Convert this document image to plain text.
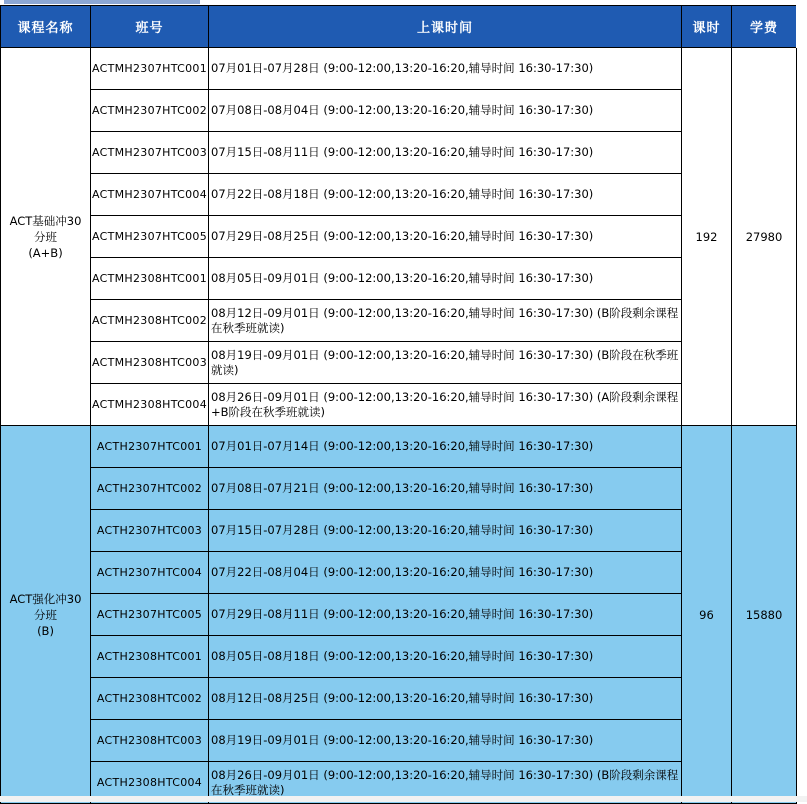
课程名称	班号	上课时间	课时	学费

ACT基础冲30
分班
(A+B)	ACTMH2307HTC001	07月01日-07月28日 (9:00-12:00,13:20-16:20,辅导时间 16:30-17:30)	192	27980
	ACTMH2307HTC002	07月08日-08月04日 (9:00-12:00,13:20-16:20,辅导时间 16:30-17:30)		
	ACTMH2307HTC003	07月15日-08月11日 (9:00-12:00,13:20-16:20,辅导时间 16:30-17:30)		
	ACTMH2307HTC004	07月22日-08月18日 (9:00-12:00,13:20-16:20,辅导时间 16:30-17:30)		
	ACTMH2307HTC005	07月29日-08月25日 (9:00-12:00,13:20-16:20,辅导时间 16:30-17:30)		
	ACTMH2308HTC001	08月05日-09月01日 (9:00-12:00,13:20-16:20,辅导时间 16:30-17:30)		
	ACTMH2308HTC002	08月12日-09月01日 (9:00-12:00,13:20-16:20,辅导时间 16:30-17:30) (B阶段剩余课程在秋季班就读)		
	ACTMH2308HTC003	08月19日-09月01日 (9:00-12:00,13:20-16:20,辅导时间 16:30-17:30) (B阶段在秋季班就读)		
	ACTMH2308HTC004	08月26日-09月01日 (9:00-12:00,13:20-16:20,辅导时间 16:30-17:30) (A阶段剩余课程+B阶段在秋季班就读)		

ACT强化冲30
分班
(B)	ACTH2307HTC001	07月01日-07月14日 (9:00-12:00,13:20-16:20,辅导时间 16:30-17:30)	96	15880
	ACTH2307HTC002	07月08日-07月21日 (9:00-12:00,13:20-16:20,辅导时间 16:30-17:30)		
	ACTH2307HTC003	07月15日-07月28日 (9:00-12:00,13:20-16:20,辅导时间 16:30-17:30)		
	ACTH2307HTC004	07月22日-08月04日 (9:00-12:00,13:20-16:20,辅导时间 16:30-17:30)		
	ACTH2307HTC005	07月29日-08月11日 (9:00-12:00,13:20-16:20,辅导时间 16:30-17:30)		
	ACTH2308HTC001	08月05日-08月18日 (9:00-12:00,13:20-16:20,辅导时间 16:30-17:30)		
	ACTH2308HTC002	08月12日-08月25日 (9:00-12:00,13:20-16:20,辅导时间 16:30-17:30)		
	ACTH2308HTC003	08月19日-09月01日 (9:00-12:00,13:20-16:20,辅导时间 16:30-17:30)		
	ACTH2308HTC004	08月26日-09月01日 (9:00-12:00,13:20-16:20,辅导时间 16:30-17:30) (B阶段剩余课程在秋季班就读)		
